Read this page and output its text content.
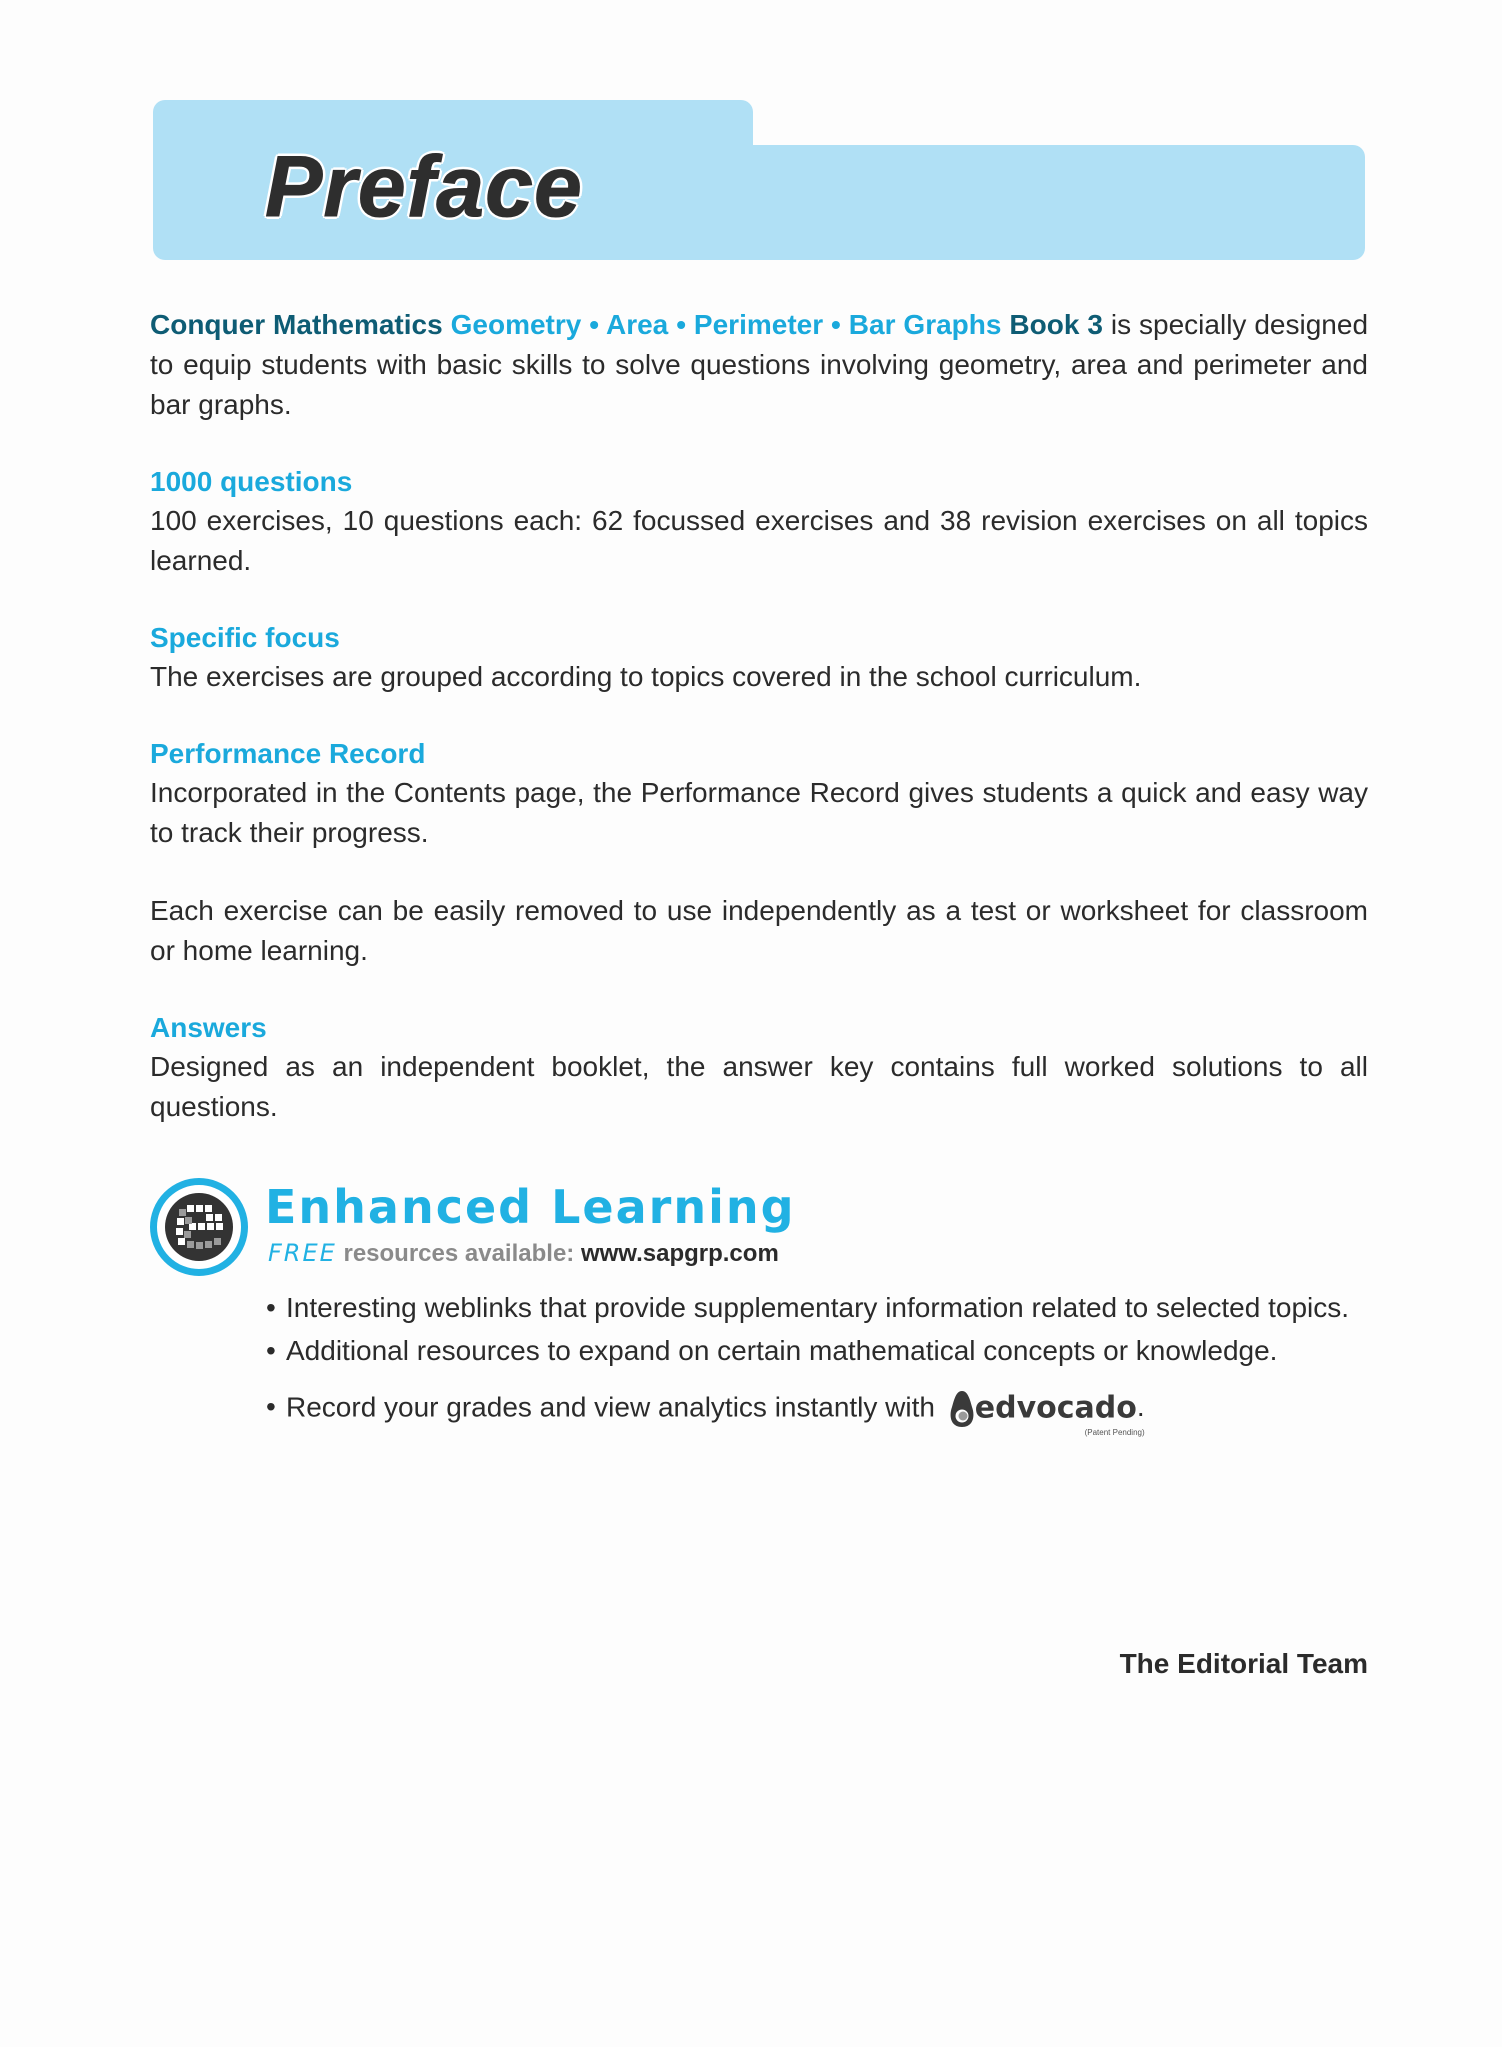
Preface

Conquer Mathematics Geometry • Area • Perimeter • Bar Graphs Book 3 is specially designed to equip students with basic skills to solve questions involving geometry, area and perimeter and bar graphs.

1000 questions

100 exercises, 10 questions each: 62 focussed exercises and 38 revision exercises on all topics learned.

Specific focus

The exercises are grouped according to topics covered in the school curriculum.

Performance Record

Incorporated in the Contents page, the Performance Record gives students a quick and easy way to track their progress.

Each exercise can be easily removed to use independently as a test or worksheet for classroom or home learning.

Answers

Designed as an independent booklet, the answer key contains full worked solutions to all questions.

Enhanced Learning
FREE resources available: www.sapgrp.com
• Interesting weblinks that provide supplementary information related to selected topics.
• Additional resources to expand on certain mathematical concepts or knowledge.
• Record your grades and view analytics instantly with edvocado.
(Patent Pending)
The Editorial Team
